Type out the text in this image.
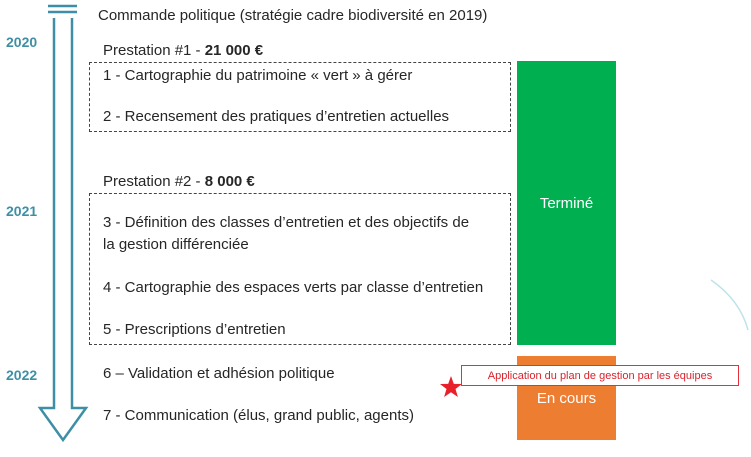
Commande politique (stratégie cadre biodiversité en 2019)
2020
2021
2022
Prestation #1 - 21 000 €
1 - Cartographie du patrimoine « vert » à gérer
2 - Recensement des pratiques d’entretien actuelles
Prestation #2 - 8 000 €
3 - Définition des classes d’entretien et des objectifs de
la gestion différenciée
4 - Cartographie des espaces verts par classe d’entretien
5 - Prescriptions d’entretien
6 – Validation et adhésion politique
7 - Communication (élus, grand public, agents)
Terminé
En cours
Application du plan de gestion par les équipes
